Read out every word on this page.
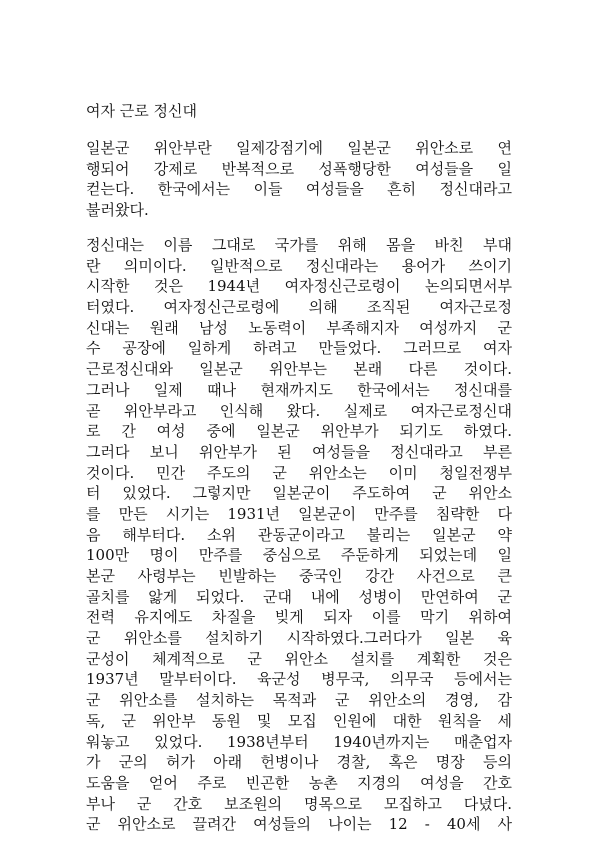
여자 근로 정신대
일본군 위안부란 일제강점기에 일본군 위안소로 연
행되어 강제로 반복적으로 성폭행당한 여성들을 일
컫는다. 한국에서는 이들 여성들을 흔히 정신대라고
불러왔다.
정신대는 이름 그대로 국가를 위해 몸을 바친 부대
란 의미이다. 일반적으로 정신대라는 용어가 쓰이기
시작한 것은 1944년 여자정신근로령이 논의되면서부
터였다. 여자정신근로령에 의해 조직된 여자근로정
신대는 원래 남성 노동력이 부족해지자 여성까지 군
수 공장에 일하게 하려고 만들었다. 그러므로 여자
근로정신대와 일본군 위안부는 본래 다른 것이다.
그러나 일제 때나 현재까지도 한국에서는 정신대를
곧 위안부라고 인식해 왔다. 실제로 여자근로정신대
로 간 여성 중에 일본군 위안부가 되기도 하였다.
그러다 보니 위안부가 된 여성들을 정신대라고 부른
것이다. 민간 주도의 군 위안소는 이미 청일전쟁부
터 있었다. 그렇지만 일본군이 주도하여 군 위안소
를 만든 시기는 1931년 일본군이 만주를 침략한 다
음 해부터다. 소위 관동군이라고 불리는 일본군 약
100만 명이 만주를 중심으로 주둔하게 되었는데 일
본군 사령부는 빈발하는 중국인 강간 사건으로 큰
골치를 앓게 되었다. 군대 내에 성병이 만연하여 군
전력 유지에도 차질을 빚게 되자 이를 막기 위하여
군 위안소를 설치하기 시작하였다.그러다가 일본 육
군성이 체계적으로 군 위안소 설치를 계획한 것은
1937년 말부터이다. 육군성 병무국, 의무국 등에서는
군 위안소를 설치하는 목적과 군 위안소의 경영, 감
독, 군 위안부 동원 및 모집 인원에 대한 원칙을 세
워놓고 있었다. 1938년부터 1940년까지는 매춘업자
가 군의 허가 아래 헌병이나 경찰, 혹은 명장 등의
도움을 얻어 주로 빈곤한 농촌 지경의 여성을 간호
부나 군 간호 보조원의 명목으로 모집하고 다녔다.
군 위안소로 끌려간 여성들의 나이는 12 - 40세 사
